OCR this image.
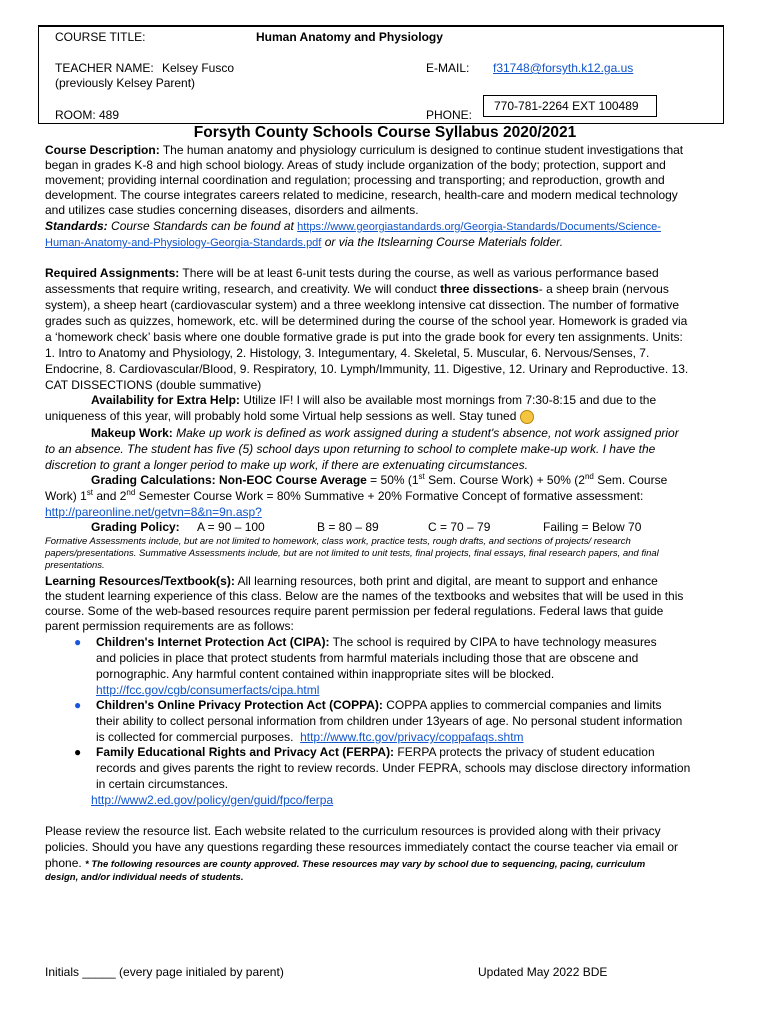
COURSE TITLE:	Human Anatomy and Physiology
TEACHER NAME: Kelsey Fusco
(previously Kelsey Parent)
E-MAIL: f31748@forsyth.k12.ga.us
ROOM: 489	PHONE:
770-781-2264 EXT 100489
Forsyth County Schools Course Syllabus 2020/2021
Course Description: The human anatomy and physiology curriculum is designed to continue student investigations that
began in grades K-8 and high school biology. Areas of study include organization of the body; protection, support and
movement; providing internal coordination and regulation; processing and transporting; and reproduction, growth and
development. The course integrates careers related to medicine, research, health-care and modern medical technology
and utilizes case studies concerning diseases, disorders and ailments.
Standards: Course Standards can be found at https://www.georgiastandards.org/Georgia-Standards/Documents/Science-
Human-Anatomy-and-Physiology-Georgia-Standards.pdf or via the Itslearning Course Materials folder.
Required Assignments: There will be at least 6-unit tests during the course, as well as various performance based
assessments that require writing, research, and creativity. We will conduct three dissections- a sheep brain (nervous
system), a sheep heart (cardiovascular system) and a three weeklong intensive cat dissection. The number of formative
grades such as quizzes, homework, etc. will be determined during the course of the school year. Homework is graded via
a ‘homework check’ basis where one double formative grade is put into the grade book for every ten assignments. Units:
1. Intro to Anatomy and Physiology, 2. Histology, 3. Integumentary, 4. Skeletal, 5. Muscular, 6. Nervous/Senses, 7.
Endocrine, 8. Cardiovascular/Blood, 9. Respiratory, 10. Lymph/Immunity, 11. Digestive, 12. Urinary and Reproductive. 13.
CAT DISSECTIONS (double summative)
Availability for Extra Help: Utilize IF! I will also be available most mornings from 7:30-8:15 and due to the
uniqueness of this year, will probably hold some Virtual help sessions as well. Stay tuned
Makeup Work: Make up work is defined as work assigned during a student's absence, not work assigned prior
to an absence. The student has five (5) school days upon returning to school to complete make-up work. I have the
discretion to grant a longer period to make up work, if there are extenuating circumstances.
Grading Calculations: Non-EOC Course Average = 50% (1st Sem. Course Work) + 50% (2nd Sem. Course
Work) 1st and 2nd Semester Course Work = 80% Summative + 20% Formative Concept of formative assessment:
http://pareonline.net/getvn=8&n=9n.asp?
Grading Policy: A = 90 – 100	B = 80 – 89	C = 70 – 79	Failing = Below 70
Formative Assessments include, but are not limited to homework, class work, practice tests, rough drafts, and sections of projects/ research
papers/presentations. Summative Assessments include, but are not limited to unit tests, final projects, final essays, final research papers, and final
presentations.
Learning Resources/Textbook(s): All learning resources, both print and digital, are meant to support and enhance
the student learning experience of this class. Below are the names of the textbooks and websites that will be used in this
course. Some of the web-based resources require parent permission per federal regulations. Federal laws that guide
parent permission requirements are as follows:
● Children's Internet Protection Act (CIPA): The school is required by CIPA to have technology measures
and policies in place that protect students from harmful materials including those that are obscene and
pornographic. Any harmful content contained within inappropriate sites will be blocked.
http://fcc.gov/cgb/consumerfacts/cipa.html
● Children's Online Privacy Protection Act (COPPA): COPPA applies to commercial companies and limits
their ability to collect personal information from children under 13years of age. No personal student information
is collected for commercial purposes. http://www.ftc.gov/privacy/coppafaqs.shtm
● Family Educational Rights and Privacy Act (FERPA): FERPA protects the privacy of student education
records and gives parents the right to review records. Under FEPRA, schools may disclose directory information
in certain circumstances.
http://www2.ed.gov/policy/gen/guid/fpco/ferpa
Please review the resource list. Each website related to the curriculum resources is provided along with their privacy
policies. Should you have any questions regarding these resources immediately contact the course teacher via email or
phone. * The following resources are county approved. These resources may vary by school due to sequencing, pacing, curriculum
design, and/or individual needs of students.
Initials _____ (every page initialed by parent)	Updated May 2022 BDE
